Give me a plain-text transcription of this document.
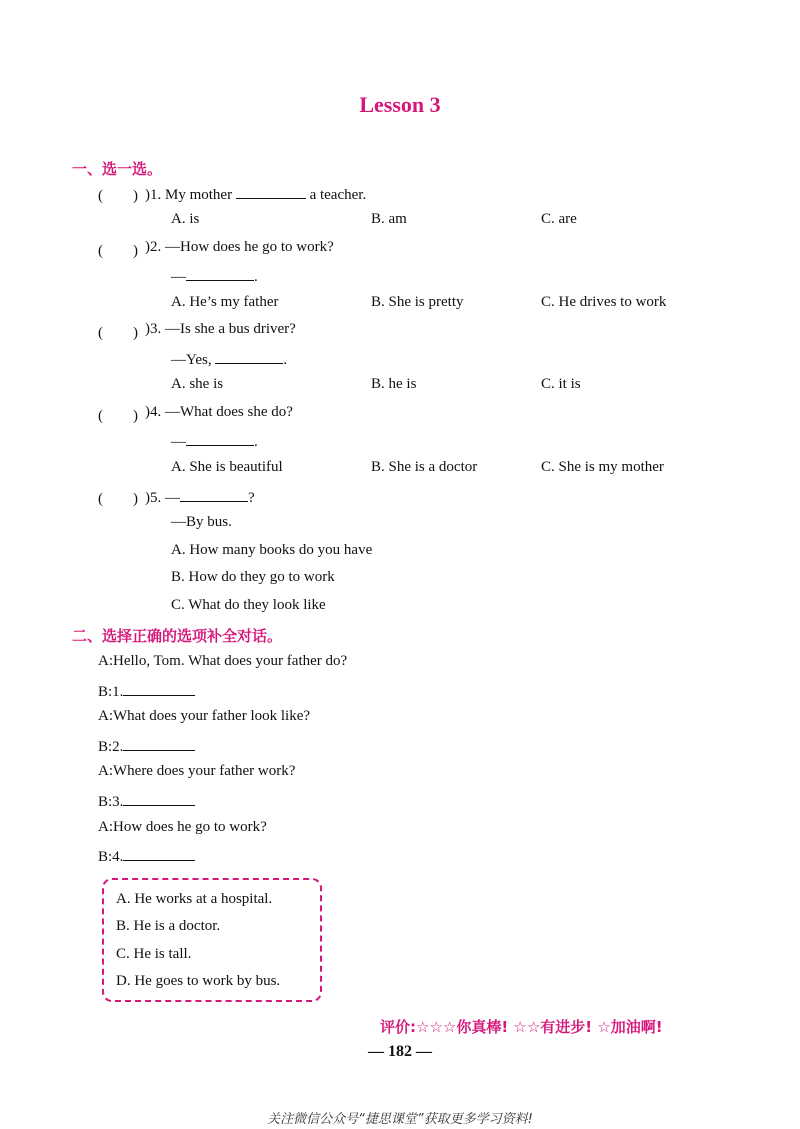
Lesson 3
一、选一选。
(　　) )1. My mother	a teacher.
A. is	B. am	C. are
(　　) )2. —How does he go to work?
—	.
A. He’s my father	B. She is pretty	C. He drives to work
(　　) )3. —Is she a bus driver?
—Yes,	.
A. she is	B. he is	C. it is
(　　) )4. —What does she do?
—	.
A. She is beautiful	B. She is a doctor	C. She is my mother
(　　) )5. —	?
—By bus.
A. How many books do you have
B. How do they go to work
C. What do they look like
二、选择正确的选项补全对话。
A:Hello, Tom. What does your father do?
B:1.
A:What does your father look like?
B:2.
A:Where does your father work?
B:3.
A:How does he go to work?
B:4.
A. He works at a hospital.
B. He is a doctor.
C. He is tall.
D. He goes to work by bus.
评价:☆☆☆你真棒! ☆☆有进步! ☆加油啊!
— 182 —
关注微信公众号“捷思课堂”获取更多学习资料!
